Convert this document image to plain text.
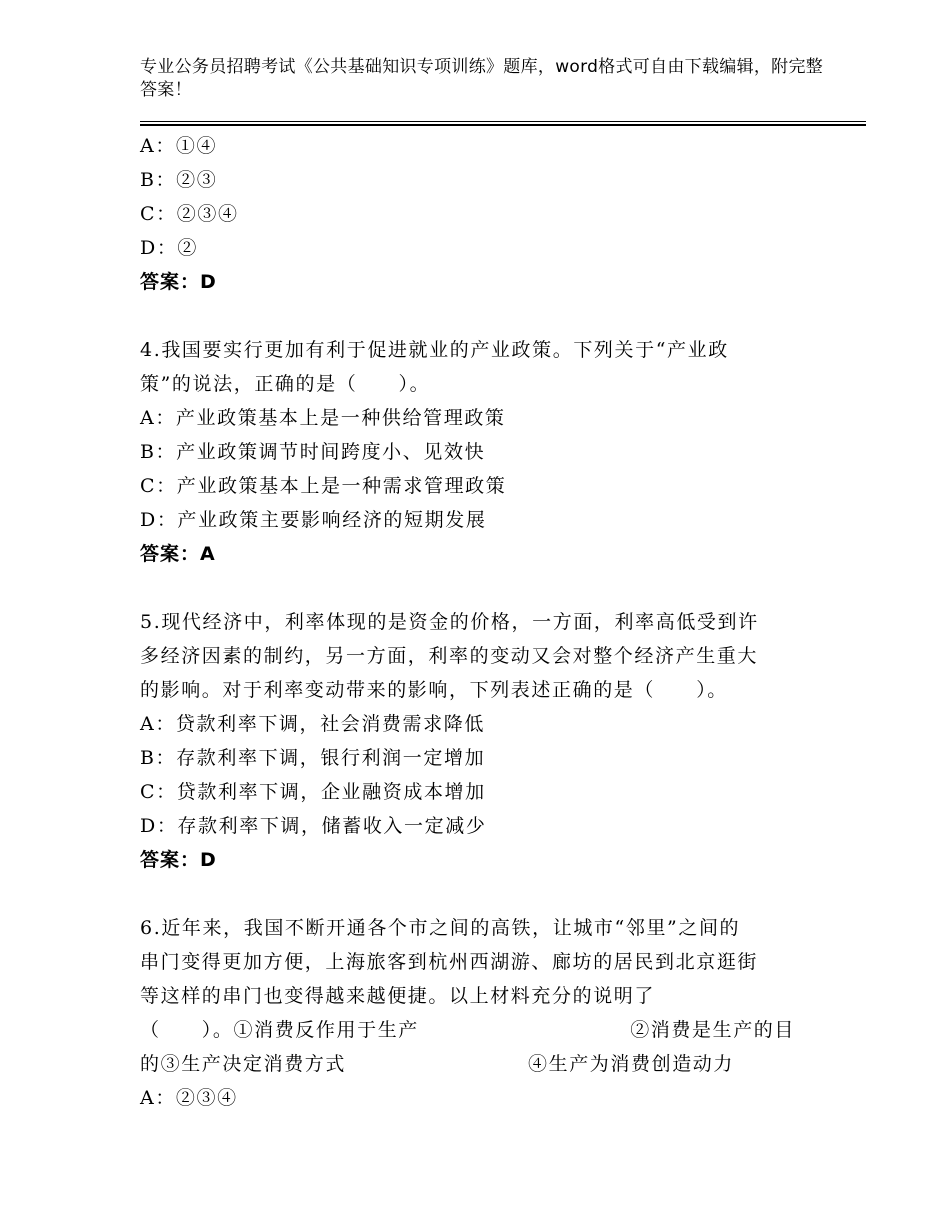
专业公务员招聘考试《公共基础知识专项训练》题库，word格式可自由下载编辑，附完整答案！
A：①④
B：②③
C：②③④
D：②
答案：D
4.我国要实行更加有利于促进就业的产业政策。下列关于“产业政
策”的说法，正确的是（　　）。
A：产业政策基本上是一种供给管理政策
B：产业政策调节时间跨度小、见效快
C：产业政策基本上是一种需求管理政策
D：产业政策主要影响经济的短期发展
答案：A
5.现代经济中，利率体现的是资金的价格，一方面，利率高低受到许
多经济因素的制约，另一方面，利率的变动又会对整个经济产生重大
的影响。对于利率变动带来的影响，下列表述正确的是（　　）。
A：贷款利率下调，社会消费需求降低
B：存款利率下调，银行利润一定增加
C：贷款利率下调，企业融资成本增加
D：存款利率下调，储蓄收入一定减少
答案：D
6.近年来，我国不断开通各个市之间的高铁，让城市“邻里”之间的
串门变得更加方便，上海旅客到杭州西湖游、廊坊的居民到北京逛街
等这样的串门也变得越来越便捷。以上材料充分的说明了
（　　）。①消费反作用于生产	②消费是生产的目
的③生产决定消费方式	④生产为消费创造动力
A：②③④
